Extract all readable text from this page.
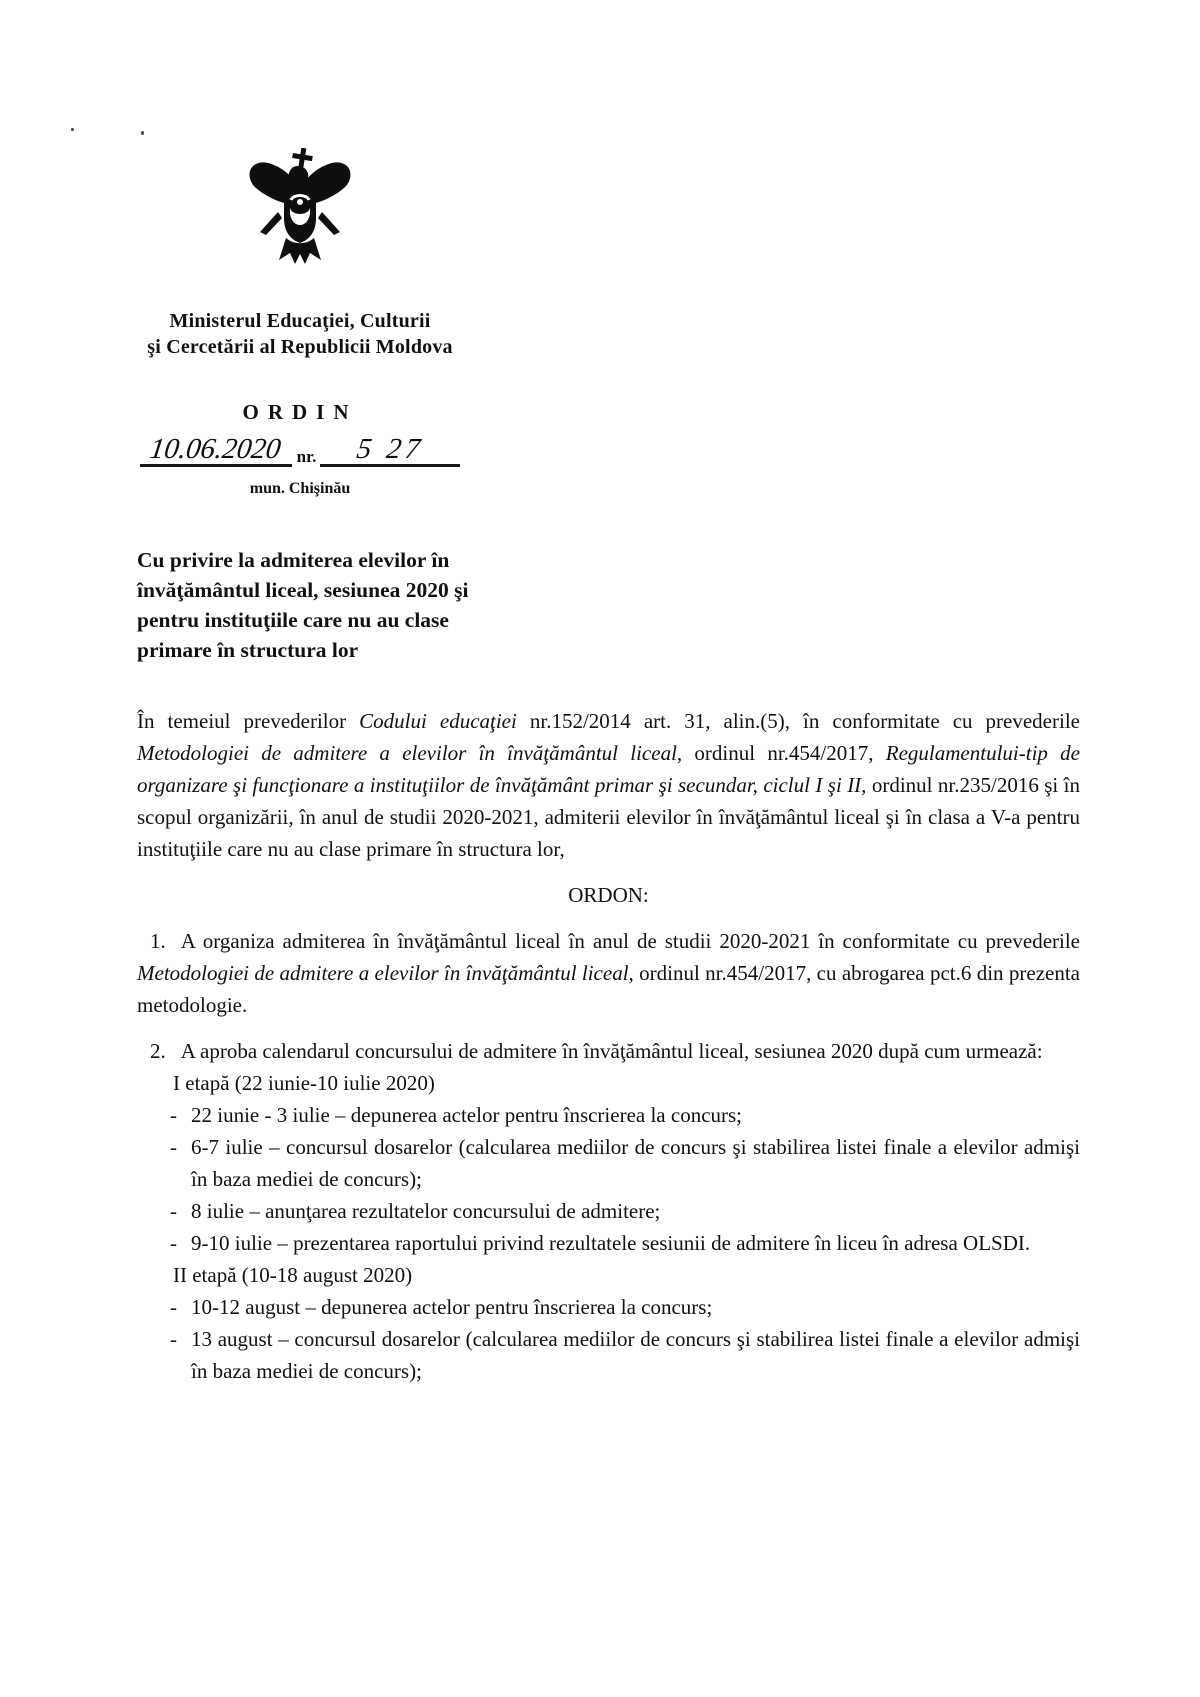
Ministerul Educaţiei, Culturii
şi Cercetării al Republicii Moldova
ORDIN
10.06.2020 nr. 5 27
mun. Chişinău
Cu privire la admiterea elevilor în
învăţământul liceal, sesiunea 2020 şi
pentru instituţiile care nu au clase
primare în structura lor

În temeiul prevederilor Codului educaţiei nr.152/2014 art. 31, alin.(5), în conformitate cu prevederile Metodologiei de admitere a elevilor în învăţământul liceal, ordinul nr.454/2017, Regulamentului-tip de organizare şi funcţionare a instituţiilor de învăţământ primar şi secundar, ciclul I şi II, ordinul nr.235/2016 şi în scopul organizării, în anul de studii 2020-2021, admiterii elevilor în învăţământul liceal şi în clasa a V-a pentru instituţiile care nu au clase primare în structura lor,

ORDON:

1. A organiza admiterea în învăţământul liceal în anul de studii 2020-2021 în conformitate cu prevederile Metodologiei de admitere a elevilor în învăţământul liceal, ordinul nr.454/2017, cu abrogarea pct.6 din prezenta metodologie.

2. A aproba calendarul concursului de admitere în învăţământul liceal, sesiunea 2020 după cum urmează:

I etapă (22 iunie-10 iulie 2020)
- 22 iunie - 3 iulie – depunerea actelor pentru înscrierea la concurs;
- 6-7 iulie – concursul dosarelor (calcularea mediilor de concurs şi stabilirea listei finale a elevilor admişi în baza mediei de concurs);
- 8 iulie – anunţarea rezultatelor concursului de admitere;
- 9-10 iulie – prezentarea raportului privind rezultatele sesiunii de admitere în liceu în adresa OLSDI.
II etapă (10-18 august 2020)
- 10-12 august – depunerea actelor pentru înscrierea la concurs;
- 13 august – concursul dosarelor (calcularea mediilor de concurs şi stabilirea listei finale a elevilor admişi în baza mediei de concurs);
